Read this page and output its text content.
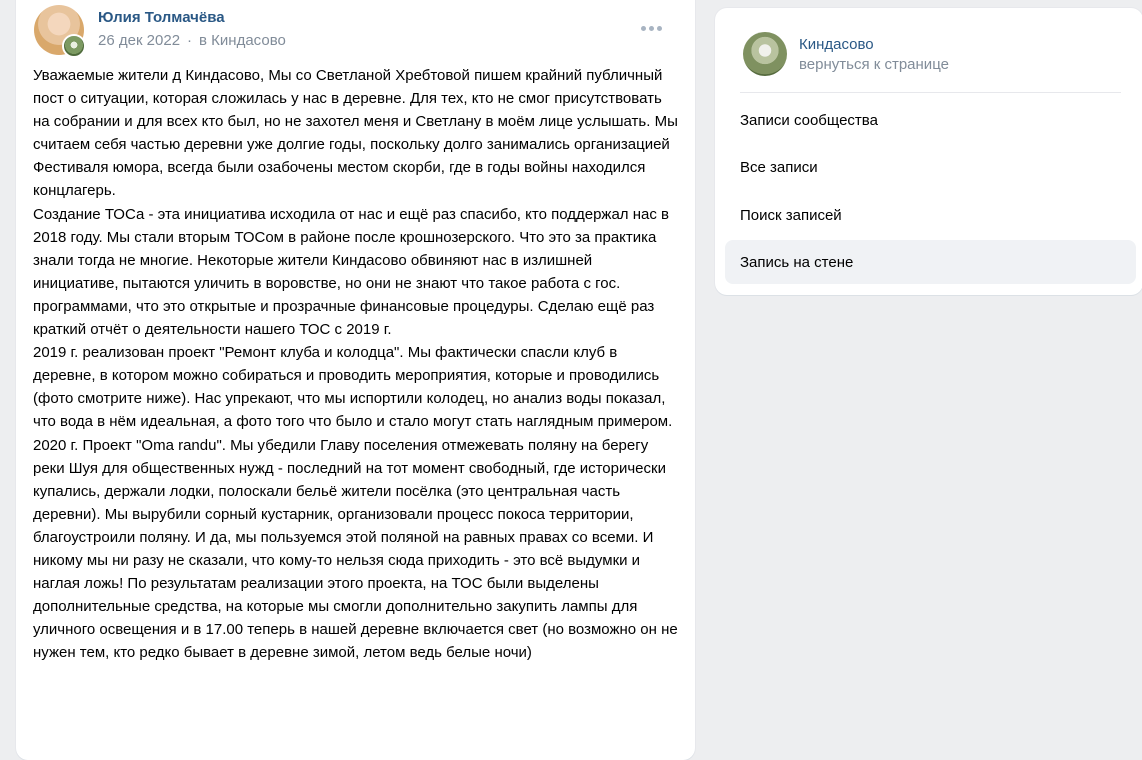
Юлия Толмачёва
26 дек 2022 · в Киндасово
Уважаемые жители д Киндасово, Мы со Светланой Хребтовой пишем крайний публичный пост о ситуации, которая сложилась у нас в деревне. Для тех, кто не смог присутствовать на собрании и для всех кто был, но не захотел меня и Светлану в моём лице услышать. Мы считаем себя частью деревни уже долгие годы, поскольку долго занимались организацией Фестиваля юмора, всегда были озабочены местом скорби, где в годы войны находился концлагерь.
Создание ТОСа - эта инициатива исходила от нас и ещё раз спасибо, кто поддержал нас в 2018 году. Мы стали вторым ТОСом в районе после крошнозерского. Что это за практика знали тогда не многие. Некоторые жители Киндасово обвиняют нас в излишней инициативе, пытаются уличить в воровстве, но они не знают что такое работа с гос. программами, что это открытые и прозрачные финансовые процедуры. Сделаю ещё раз краткий отчёт о деятельности нашего ТОС с 2019 г.
2019 г. реализован проект "Ремонт клуба и колодца". Мы фактически спасли клуб в деревне, в котором можно собираться и проводить мероприятия, которые и проводились (фото смотрите ниже). Нас упрекают, что мы испортили колодец, но анализ воды показал, что вода в нём идеальная, а фото того что было и стало могут стать наглядным примером.
2020 г. Проект "Oma randu". Мы убедили Главу поселения отмежевать поляну на берегу реки Шуя для общественных нужд - последний на тот момент свободный, где исторически купались, держали лодки, полоскали бельё жители посёлка (это центральная часть деревни). Мы вырубили сорный кустарник, организовали процесс покоса территории, благоустроили поляну. И да, мы пользуемся этой поляной на равных правах со всеми. И никому мы ни разу не сказали, что кому-то нельзя сюда приходить - это всё выдумки и наглая ложь! По результатам реализации этого проекта, на ТОС были выделены дополнительные средства, на которые мы смогли дополнительно закупить лампы для уличного освещения и в 17.00 теперь в нашей деревне включается свет (но возможно он не нужен тем, кто редко бывает в деревне зимой, летом ведь белые ночи)
Киндасово
вернуться к странице
Записи сообщества
Все записи
Поиск записей
Запись на стене
